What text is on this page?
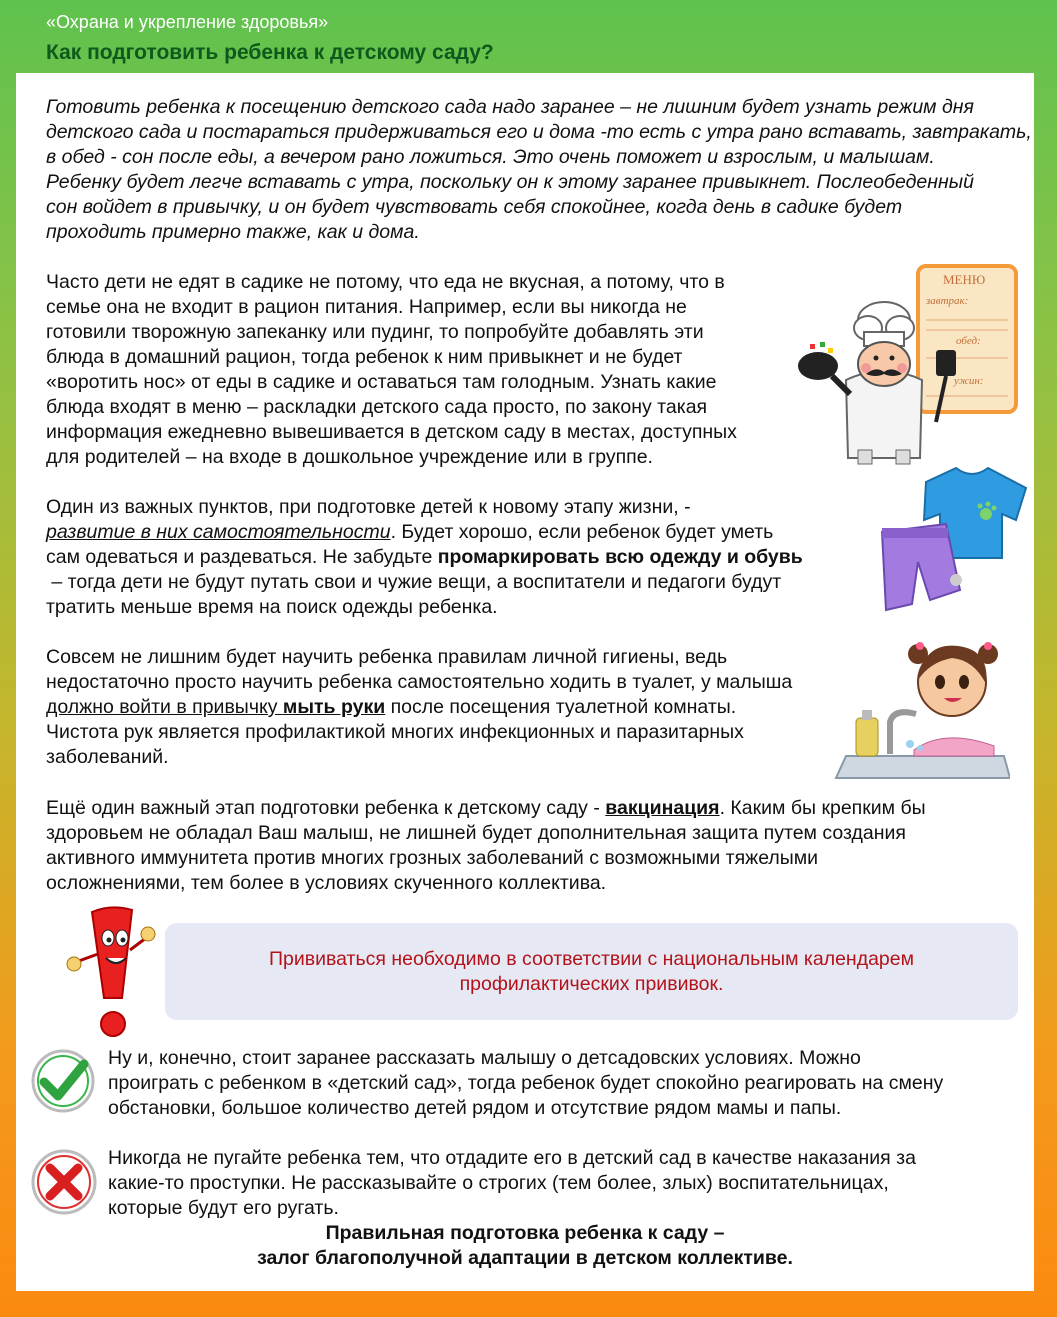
«Охрана и укрепление здоровья»
Как подготовить ребенка к детскому саду?

Готовить ребенка к посещению детского сада надо заранее – не лишним будет узнать режим дня

детского сада и постараться придерживаться его и дома -то есть с утра рано вставать, завтракать,

в обед - сон после еды, а вечером рано ложиться. Это очень поможет и взрослым, и малышам.

Ребенку будет легче вставать с утра, поскольку он к этому заранее привыкнет. Послеобеденный

сон войдет в привычку, и он будет чувствовать себя спокойнее, когда день в садике будет

проходить примерно также, как и дома.

Часто дети не едят в садике не потому, что еда не вкусная, а потому, что в

семье она не входит в рацион питания. Например, если вы никогда не

готовили творожную запеканку или пудинг, то попробуйте добавлять эти

блюда в домашний рацион, тогда ребенок к ним привыкнет и не будет

«воротить нос» от еды в садике и оставаться там голодным. Узнать какие

блюда входят в меню – раскладки детского сада просто, по закону такая

информация ежедневно вывешивается в детском саду в местах, доступных

для родителей – на входе в дошкольное учреждение или в группе.

МЕНЮ
завтрак:
обед:
ужин:

Один из важных пунктов, при подготовке детей к новому этапу жизни, -

развитие в них самостоятельности. Будет хорошо, если ребенок будет уметь

сам одеваться и раздеваться. Не забудьте промаркировать всю одежду и обувь

– тогда дети не будут путать свои и чужие вещи, а воспитатели и педагоги будут

тратить меньше время на поиск одежды ребенка.

Совсем не лишним будет научить ребенка правилам личной гигиены, ведь

недостаточно просто научить ребенка самостоятельно ходить в туалет, у малыша

должно войти в привычку мыть руки после посещения туалетной комнаты.

Чистота рук является профилактикой многих инфекционных и паразитарных

заболеваний.

Ещё один важный этап подготовки ребенка к детскому саду - вакцинация. Каким бы крепким бы

здоровьем не обладал Ваш малыш, не лишней будет дополнительная защита путем создания

активного иммунитета против многих грозных заболеваний с возможными тяжелыми

осложнениями, тем более в условиях скученного коллектива.

Прививаться необходимо в соответствии с национальным календарем
профилактических прививок.

Ну и, конечно, стоит заранее рассказать малышу о детсадовских условиях. Можно

проиграть с ребенком в «детский сад», тогда ребенок будет спокойно реагировать на смену

обстановки, большое количество детей рядом и отсутствие рядом мамы и папы.

Никогда не пугайте ребенка тем, что отдадите его в детский сад в качестве наказания за

какие-то проступки. Не рассказывайте о строгих (тем более, злых) воспитательницах,

которые будут его ругать.

Правильная подготовка ребенка к саду –
залог благополучной адаптации в детском коллективе.
